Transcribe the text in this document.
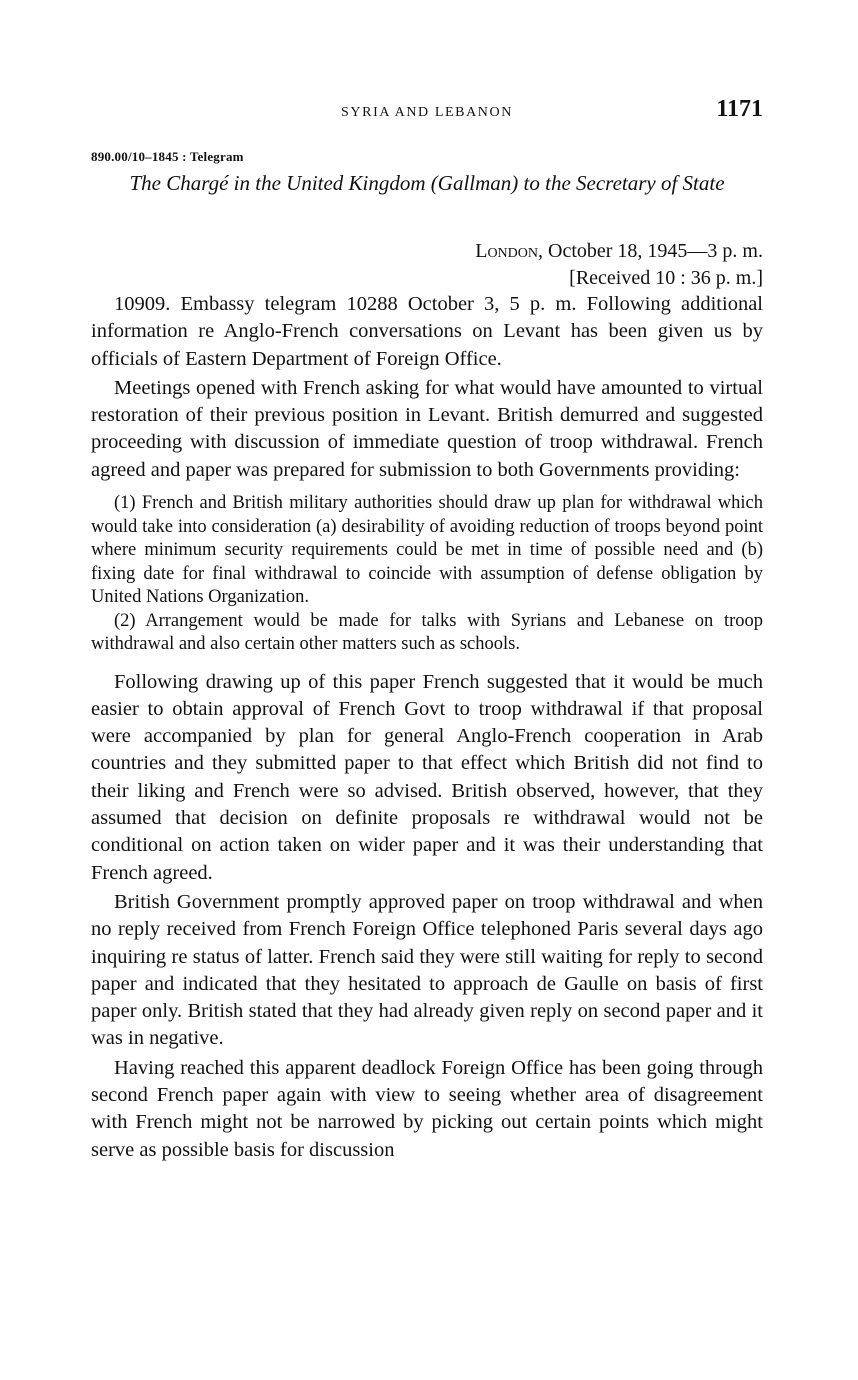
SYRIA AND LEBANON	1171
890.00/10–1845 : Telegram
The Chargé in the United Kingdom (Gallman) to the Secretary of State
London, October 18, 1945—3 p. m.
[Received 10 : 36 p. m.]

10909. Embassy telegram 10288 October 3, 5 p. m. Following additional information re Anglo-French conversations on Levant has been given us by officials of Eastern Department of Foreign Office.

Meetings opened with French asking for what would have amounted to virtual restoration of their previous position in Levant. British demurred and suggested proceeding with discussion of immediate question of troop withdrawal. French agreed and paper was prepared for submission to both Governments providing:

(1) French and British military authorities should draw up plan for withdrawal which would take into consideration (a) desirability of avoiding reduction of troops beyond point where minimum security requirements could be met in time of possible need and (b) fixing date for final withdrawal to coincide with assumption of defense obligation by United Nations Organization.

(2) Arrangement would be made for talks with Syrians and Lebanese on troop withdrawal and also certain other matters such as schools.

Following drawing up of this paper French suggested that it would be much easier to obtain approval of French Govt to troop withdrawal if that proposal were accompanied by plan for general Anglo-French cooperation in Arab countries and they submitted paper to that effect which British did not find to their liking and French were so advised. British observed, however, that they assumed that decision on definite proposals re withdrawal would not be conditional on action taken on wider paper and it was their understanding that French agreed.

British Government promptly approved paper on troop withdrawal and when no reply received from French Foreign Office telephoned Paris several days ago inquiring re status of latter. French said they were still waiting for reply to second paper and indicated that they hesitated to approach de Gaulle on basis of first paper only. British stated that they had already given reply on second paper and it was in negative.

Having reached this apparent deadlock Foreign Office has been going through second French paper again with view to seeing whether area of disagreement with French might not be narrowed by picking out certain points which might serve as possible basis for discussion
